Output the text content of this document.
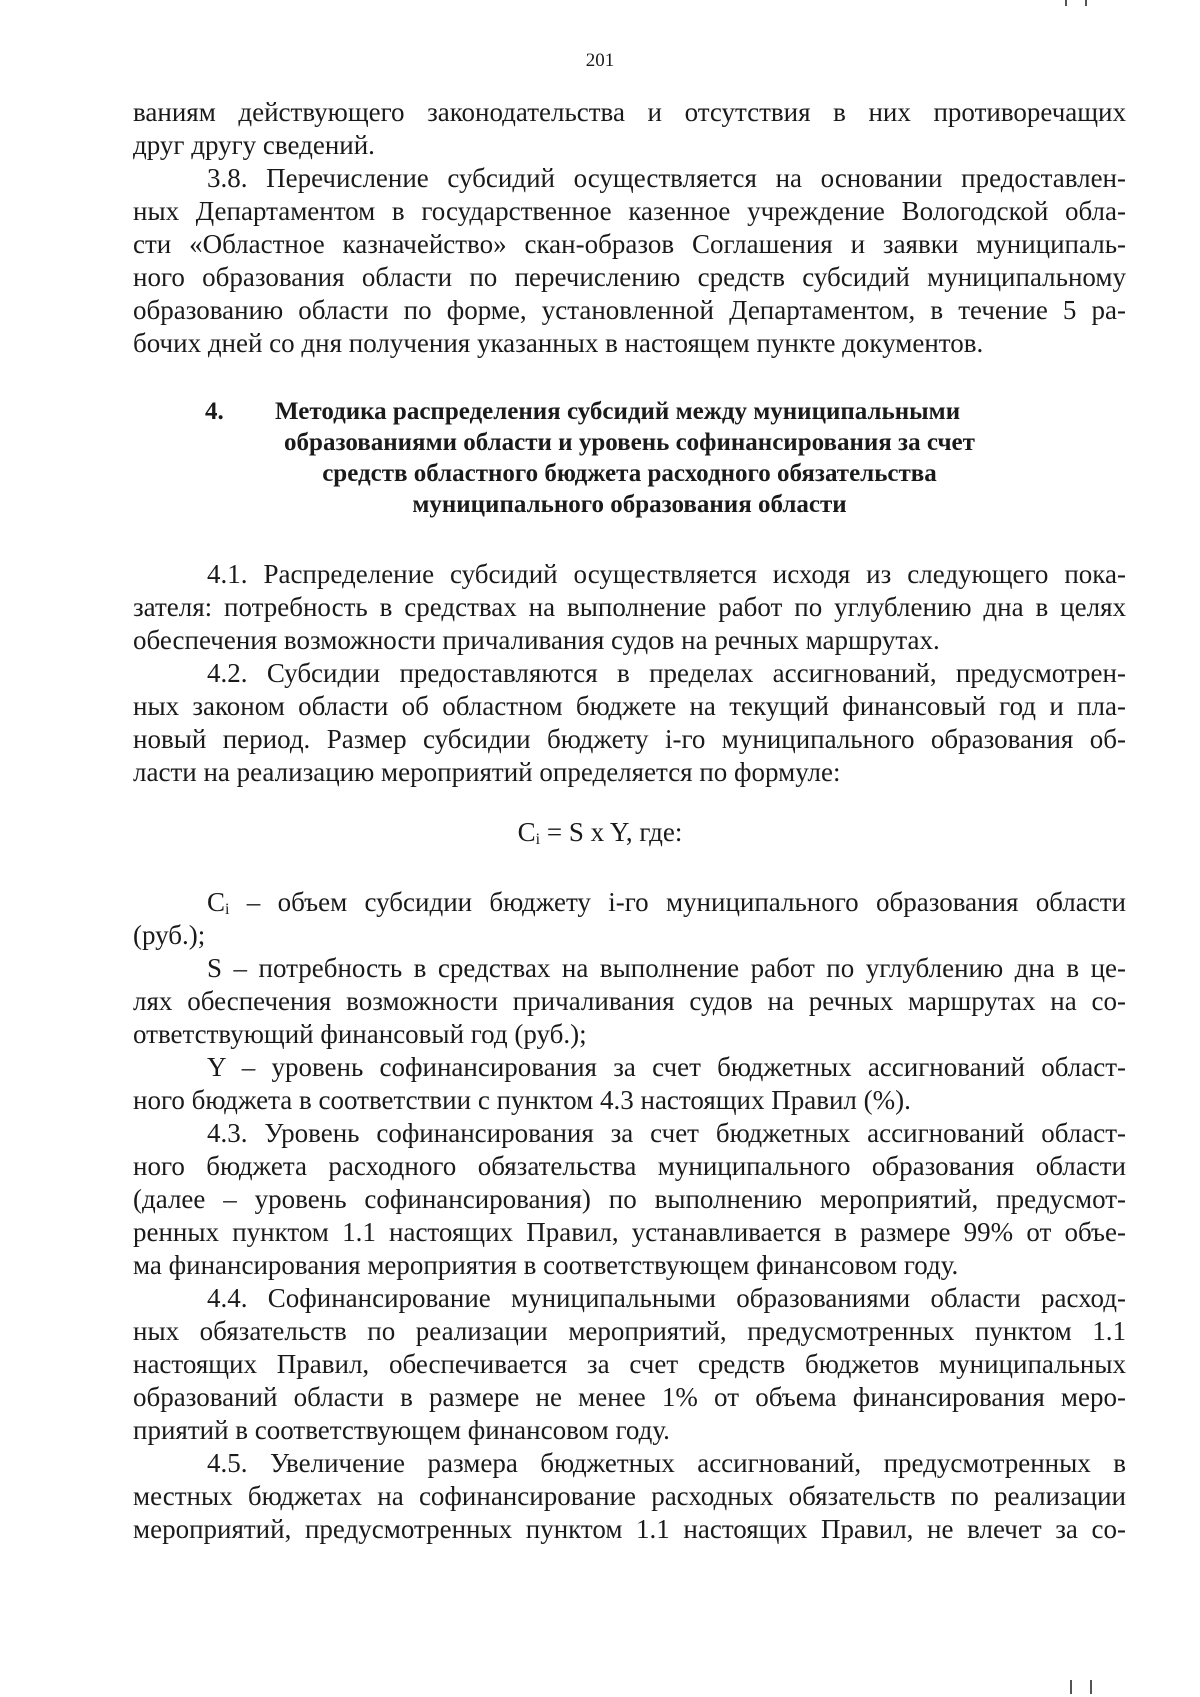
201

ваниям действующего законодательства и отсутствия в них противоречащих
друг другу сведений.
3.8. Перечисление субсидий осуществляется на основании предоставлен-
ных Департаментом в государственное казенное учреждение Вологодской обла-
сти «Областное казначейство» скан-образов Соглашения и заявки муниципаль-
ного образования области по перечислению средств субсидий муниципальному
образованию области по форме, установленной Департаментом, в течение 5 ра-
бочих дней со дня получения указанных в настоящем пункте документов.
4. Методика распределения субсидий между муниципальными
образованиями области и уровень софинансирования за счет
средств областного бюджета расходного обязательства
муниципального образования области
4.1. Распределение субсидий осуществляется исходя из следующего пока-
зателя: потребность в средствах на выполнение работ по углублению дна в целях
обеспечения возможности причаливания судов на речных маршрутах.
4.2. Субсидии предоставляются в пределах ассигнований, предусмотрен-
ных законом области об областном бюджете на текущий финансовый год и пла-
новый период. Размер субсидии бюджету i-го муниципального образования об-
ласти на реализацию мероприятий определяется по формуле:
$C_i = S$ x Y, где:
Ci – объем субсидии бюджету i-го муниципального образования области
(руб.);
S – потребность в средствах на выполнение работ по углублению дна в це-
лях обеспечения возможности причаливания судов на речных маршрутах на со-
ответствующий финансовый год (руб.);
Y – уровень софинансирования за счет бюджетных ассигнований област-
ного бюджета в соответствии с пунктом 4.3 настоящих Правил (%).
4.3. Уровень софинансирования за счет бюджетных ассигнований област-
ного бюджета расходного обязательства муниципального образования области
(далее – уровень софинансирования) по выполнению мероприятий, предусмот-
ренных пунктом 1.1 настоящих Правил, устанавливается в размере 99% от объе-
ма финансирования мероприятия в соответствующем финансовом году.
4.4. Софинансирование муниципальными образованиями области расход-
ных обязательств по реализации мероприятий, предусмотренных пунктом 1.1
настоящих Правил, обеспечивается за счет средств бюджетов муниципальных
образований области в размере не менее 1% от объема финансирования меро-
приятий в соответствующем финансовом году.
4.5. Увеличение размера бюджетных ассигнований, предусмотренных в
местных бюджетах на софинансирование расходных обязательств по реализации
мероприятий, предусмотренных пунктом 1.1 настоящих Правил, не влечет за со-
